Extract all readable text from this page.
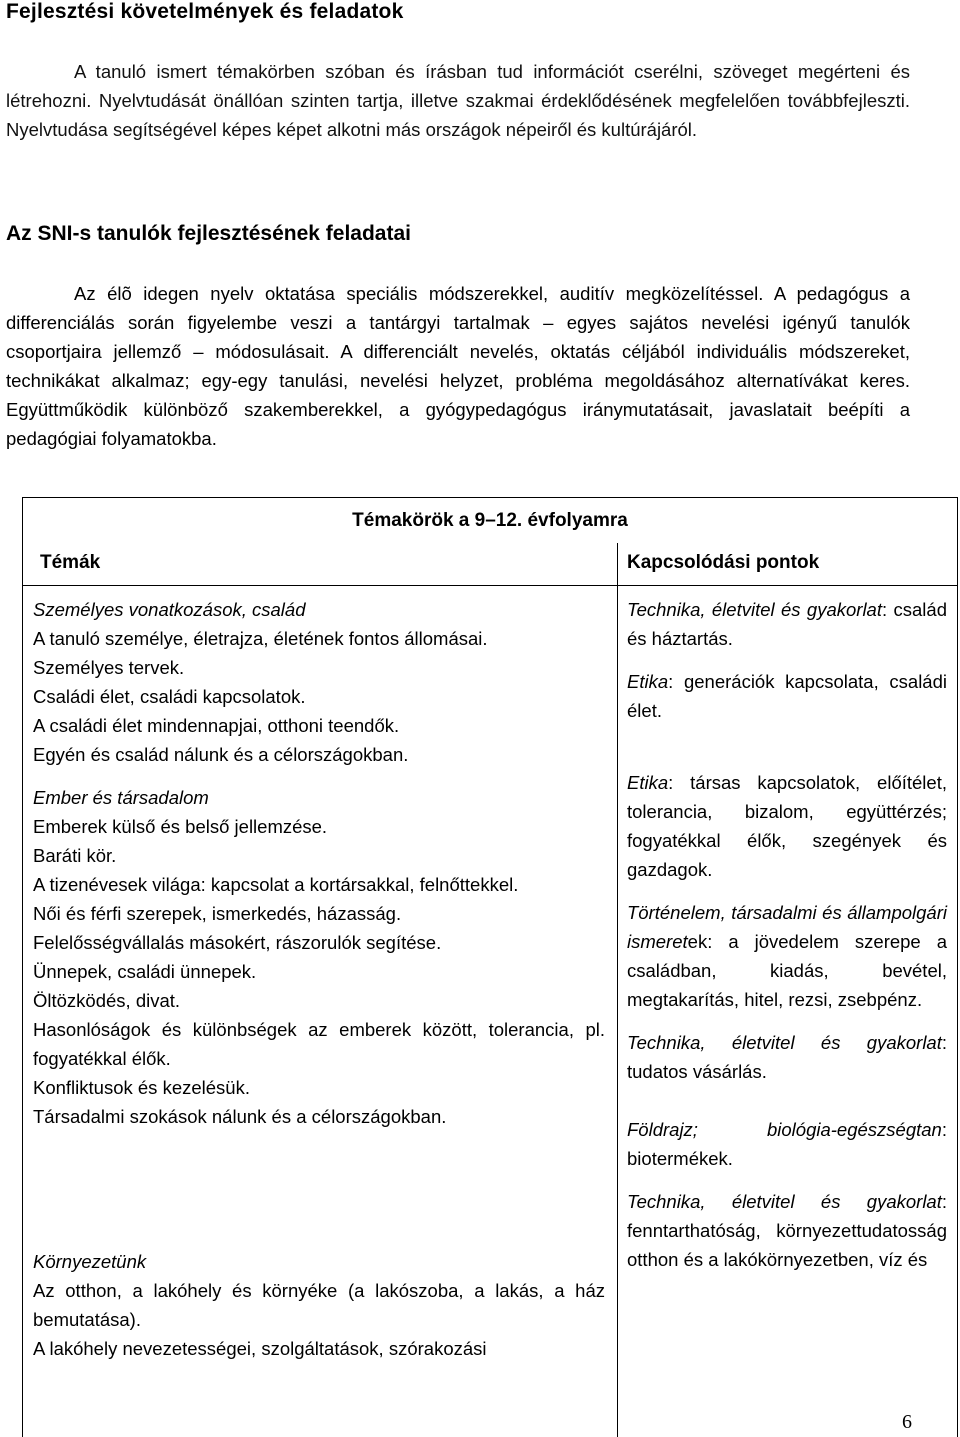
Fejlesztési követelmények és feladatok
A tanuló ismert témakörben szóban és írásban tud információt cserélni, szöveget megérteni és létrehozni. Nyelvtudását önállóan szinten tartja, illetve szakmai érdeklődésének megfelelően továbbfejleszti. Nyelvtudása segítségével képes képet alkotni más országok népeiről és kultúrájáról.
Az SNI-s tanulók fejlesztésének feladatai
Az élõ idegen nyelv oktatása speciális módszerekkel, auditív megközelítéssel. A pedagógus a differenciálás során figyelembe veszi a tantárgyi tartalmak – egyes sajátos nevelési igényű tanulók csoportjaira jellemző – módosulásait. A differenciált nevelés, oktatás céljából individuális módszereket, technikákat alkalmaz; egy-egy tanulási, nevelési helyzet, probléma megoldásához alternatívákat keres. Együttműködik különböző szakemberekkel, a gyógypedagógus iránymutatásait, javaslatait beépíti a pedagógiai folyamatokba.
Témakörök a 9–12. évfolyamra
Témák	Kapcsolódási pontok

Személyes vonatkozások, család

A tanuló személye, életrajza, életének fontos állomásai.

Személyes tervek.

Családi élet, családi kapcsolatok.

A családi élet mindennapjai, otthoni teendők.

Egyén és család nálunk és a célországokban.

Ember és társadalom

Emberek külső és belső jellemzése.

Baráti kör.

A tizenévesek világa: kapcsolat a kortársakkal, felnőttekkel.

Női és férfi szerepek, ismerkedés, házasság.

Felelősségvállalás másokért, rászorulók segítése.

Ünnepek, családi ünnepek.

Öltözködés, divat.

Hasonlóságok és különbségek az emberek között, tolerancia, pl. fogyatékkal élők.

Konfliktusok és kezelésük.

Társadalmi szokások nálunk és a célországokban.

Környezetünk

Az otthon, a lakóhely és környéke (a lakószoba, a lakás, a ház bemutatása).

A lakóhely nevezetességei, szolgáltatások, szórakozási

Technika, életvitel és gyakorlat: család és háztartás.

Etika: generációk kapcsolata, családi élet.

Etika: társas kapcsolatok, előítélet, tolerancia, bizalom, együttérzés; fogyatékkal élők, szegények és gazdagok.

Történelem, társadalmi és állampolgári ismeretek: a jövedelem szerepe a családban, kiadás, bevétel, megtakarítás, hitel, rezsi, zsebpénz.

Technika, életvitel és gyakorlat: tudatos vásárlás.

Földrajz; biológia-egészségtan: biotermékek.

Technika, életvitel és gyakorlat: fenntarthatóság, környezettudatosság otthon és a lakókörnyezetben, víz és

6
